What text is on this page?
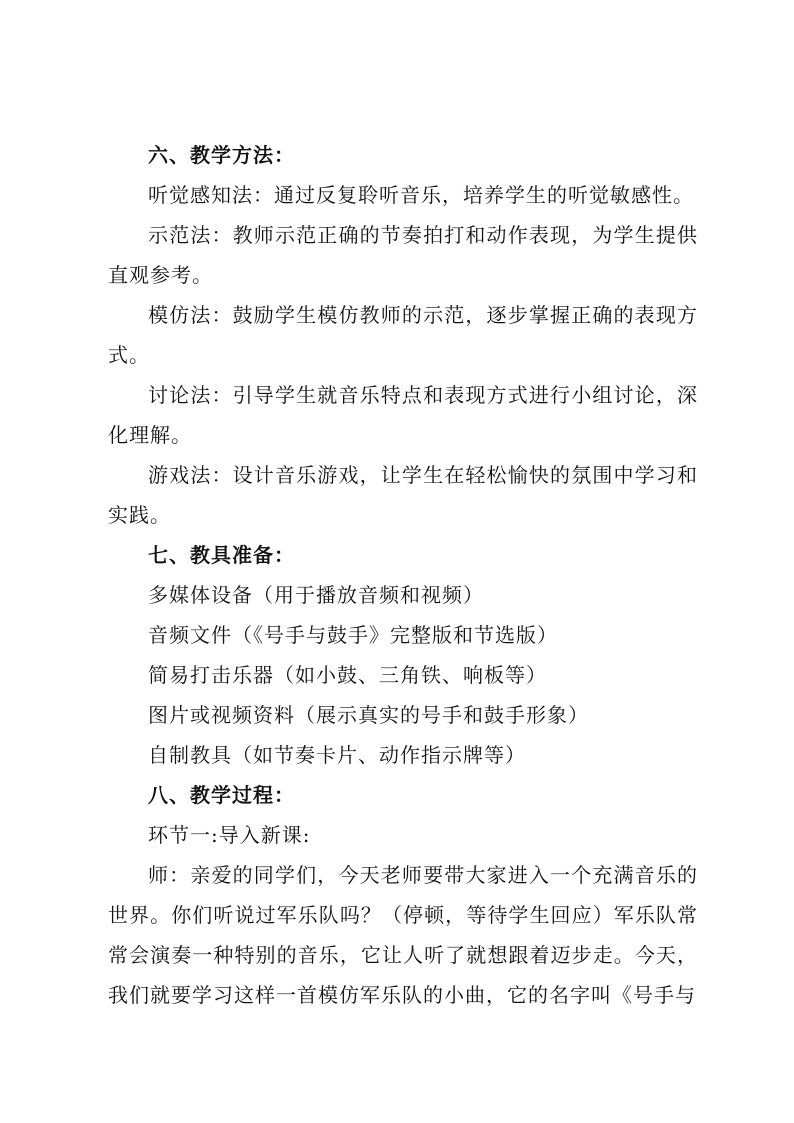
六、教学方法：

听觉感知法：通过反复聆听音乐，培养学生的听觉敏感性。

示范法：教师示范正确的节奏拍打和动作表现，为学生提供直观参考。

模仿法：鼓励学生模仿教师的示范，逐步掌握正确的表现方式。

讨论法：引导学生就音乐特点和表现方式进行小组讨论，深化理解。

游戏法：设计音乐游戏，让学生在轻松愉快的氛围中学习和实践。

七、教具准备：

多媒体设备（用于播放音频和视频）

音频文件（《号手与鼓手》完整版和节选版）

简易打击乐器（如小鼓、三角铁、响板等）

图片或视频资料（展示真实的号手和鼓手形象）

自制教具（如节奏卡片、动作指示牌等）

八、教学过程：

环节一:导入新课:

师：亲爱的同学们，今天老师要带大家进入一个充满音乐的世界。你们听说过军乐队吗？（停顿，等待学生回应）军乐队常常会演奏一种特别的音乐，它让人听了就想跟着迈步走。今天，我们就要学习这样一首模仿军乐队的小曲，它的名字叫《号手与
